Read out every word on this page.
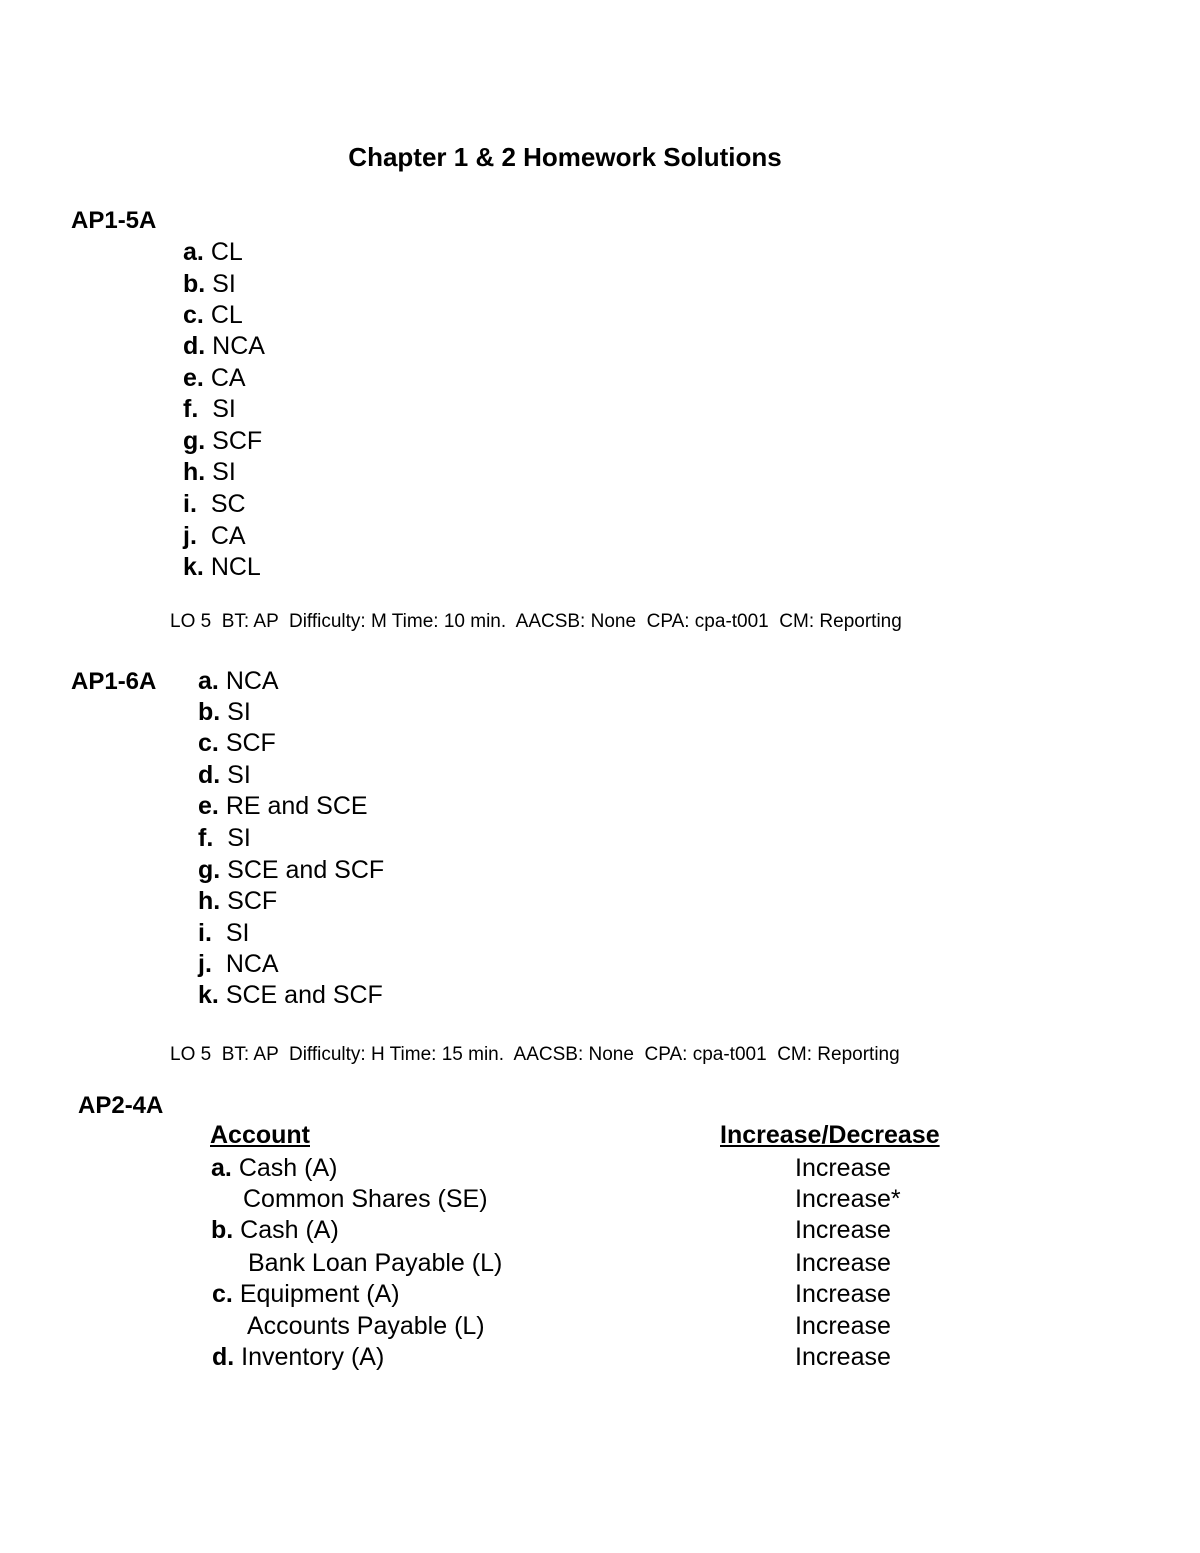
Chapter 1 & 2 Homework Solutions
AP1-5A
a. CL
b. SI
c. CL
d. NCA
e. CA
f. SI
g. SCF
h. SI
i. SC
j. CA
k. NCL
LO 5  BT: AP  Difficulty: M Time: 10 min.  AACSB: None  CPA: cpa-t001  CM: Reporting
AP1-6A a. NCA
b. SI
c. SCF
d. SI
e. RE and SCE
f. SI
g. SCE and SCF
h. SCF
i. SI
j. NCA
k. SCE and SCF
LO 5  BT: AP  Difficulty: H Time: 15 min.  AACSB: None  CPA: cpa-t001  CM: Reporting
AP2-4A
Account	Increase/Decrease
a. Cash (A)	Increase
Common Shares (SE)	Increase*
b. Cash (A)	Increase
Bank Loan Payable (L)	Increase
c. Equipment (A)	Increase
Accounts Payable (L)	Increase
d. Inventory (A)	Increase
